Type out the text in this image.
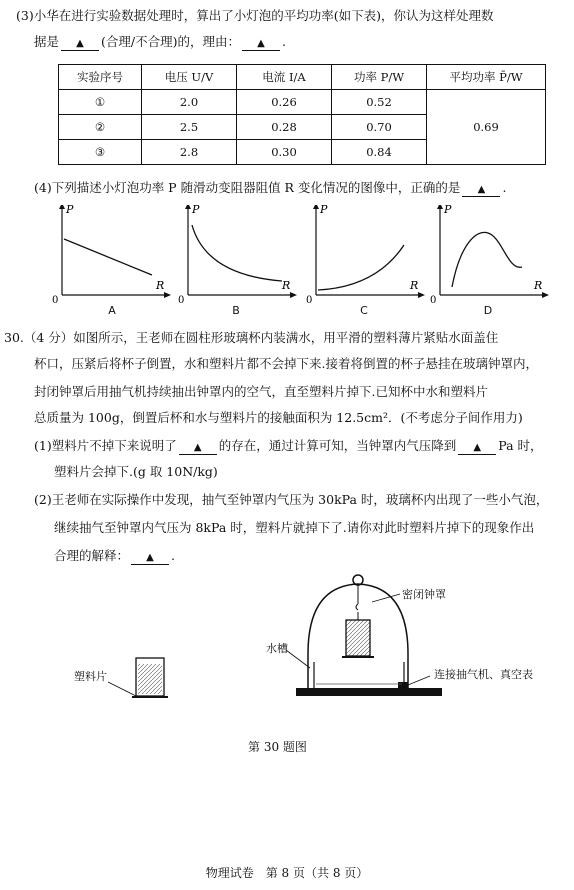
(3)小华在进行实验数据处理时，算出了小灯泡的平均功率(如下表)，你认为这样处理数
据是 ▲ (合理/不合理)的，理由： ▲ .
实验序号	电压 U/V	电流 I/A	功率 P/W	平均功率 P̄/W
①	2.0	0.26	0.52	0.69
②	2.5	0.28	0.70	
③	2.8	0.30	0.84	
(4)下列描述小灯泡功率 P 随滑动变阻器阻值 R 变化情况的图像中，正确的是 ▲ .
P
R
0
P
R
0
P
R
0
P
R
0
A	B	C	D
30.（4 分）如图所示，王老师在圆柱形玻璃杯内装满水，用平滑的塑料薄片紧贴水面盖住
杯口，压紧后将杯子倒置，水和塑料片都不会掉下来.接着将倒置的杯子悬挂在玻璃钟罩内，
封闭钟罩后用抽气机持续抽出钟罩内的空气，直至塑料片掉下.已知杯中水和塑料片
总质量为 100g，倒置后杯和水与塑料片的接触面积为 12.5cm²．(不考虑分子间作用力)
(1)塑料片不掉下来说明了 ▲ 的存在，通过计算可知，当钟罩内气压降到 ▲ Pa 时，
塑料片会掉下.(g 取 10N/kg)
(2)王老师在实际操作中发现，抽气至钟罩内气压为 30kPa 时，玻璃杯内出现了一些小气泡，
继续抽气至钟罩内气压为 8kPa 时，塑料片就掉下了.请你对此时塑料片掉下的现象作出
合理的解释： ▲ .
塑料片
密闭钟罩
水槽
连接抽气机、真空表
第 30 题图
物理试卷　第 8 页（共 8 页）
